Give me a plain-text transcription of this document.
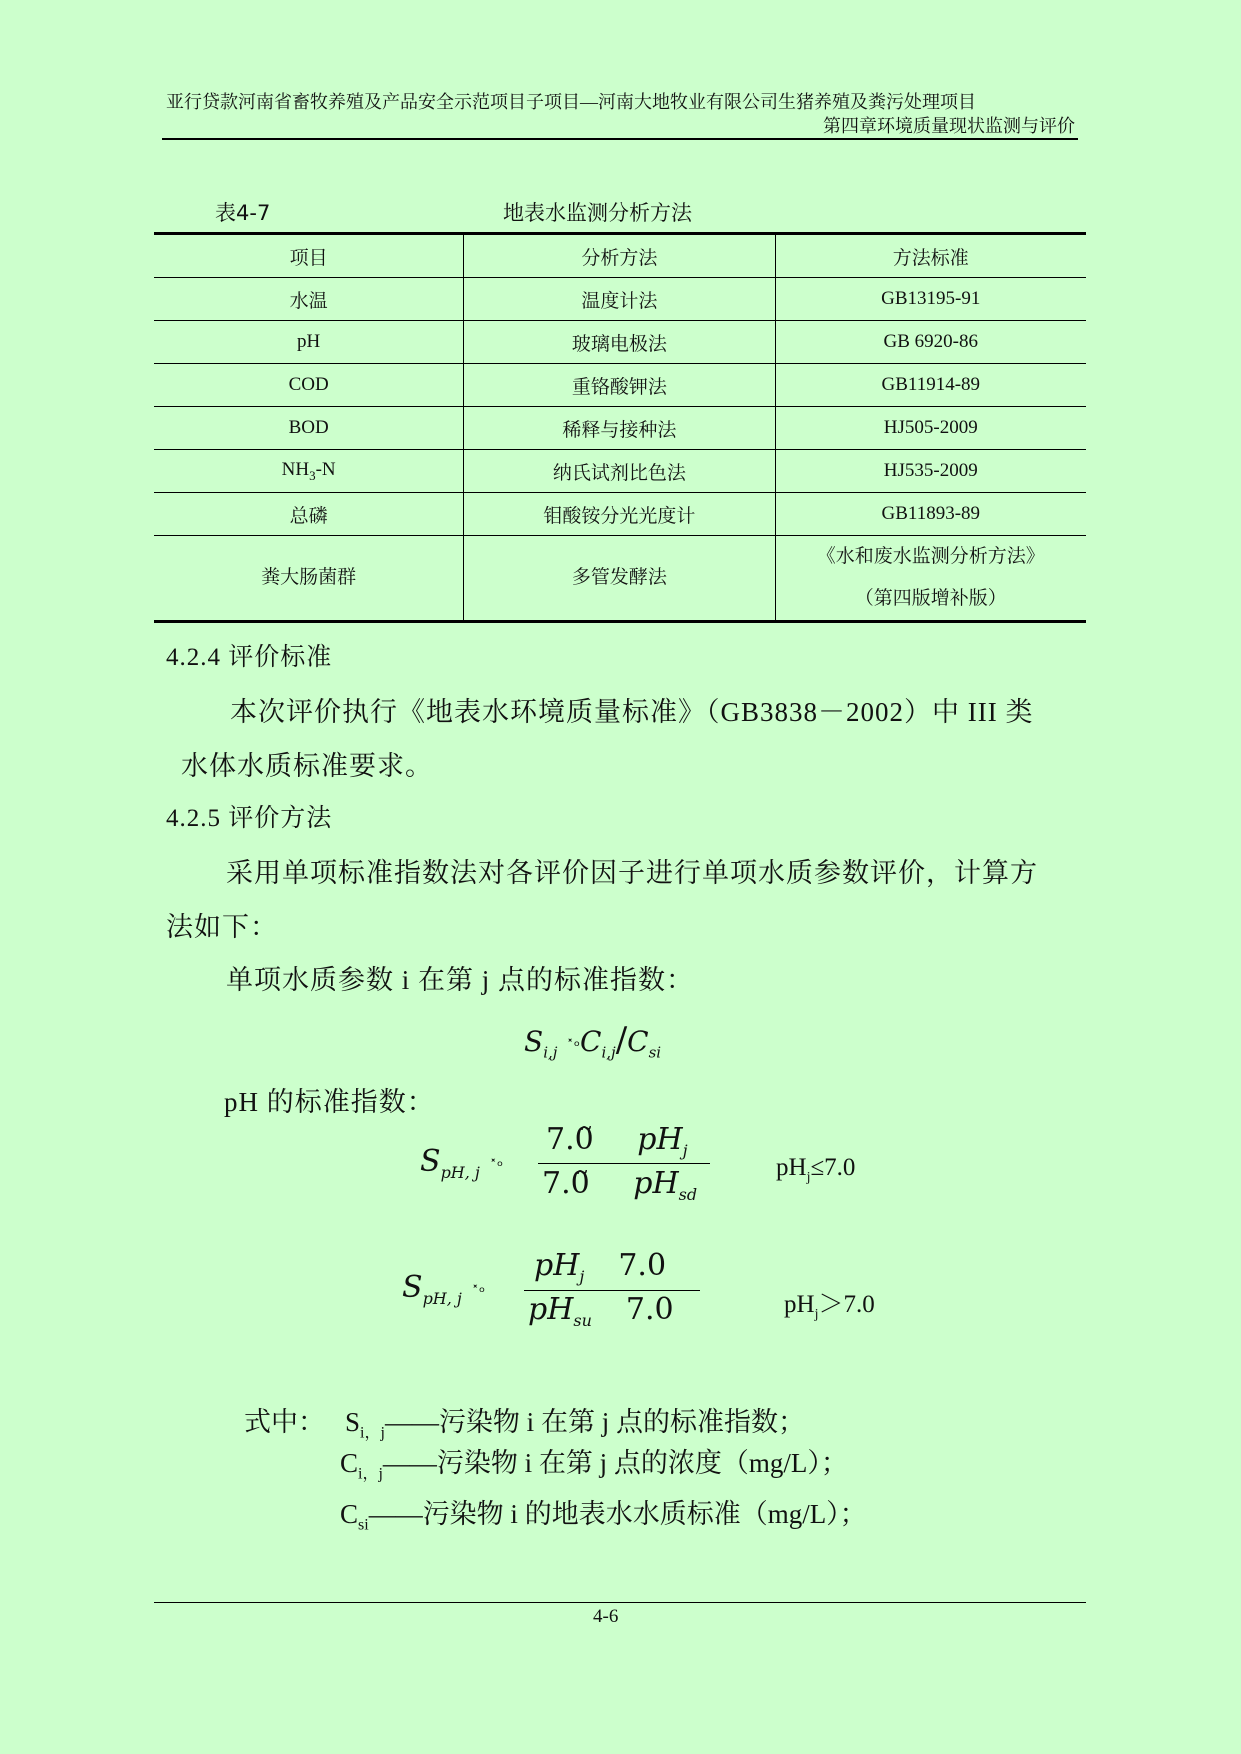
亚行贷款河南省畜牧养殖及产品安全示范项目子项目—河南大地牧业有限公司生猪养殖及粪污处理项目
第四章环境质量现状监测与评价
表4-7	地表水监测分析方法
项目	分析方法	方法标准
水温	温度计法	GB13195-91
pH	玻璃电极法	GB 6920-86
COD	重铬酸钾法	GB11914-89
BOD	稀释与接种法	HJ505-2009
$NH_3-N$	纳氏试剂比色法	HJ535-2009
总磷	钼酸铵分光光度计	GB11893-89
粪大肠菌群	多管发酵法	《水和废水监测分析方法》
（第四版增补版）
4.2.4 评价标准
本次评价执行《地表水环境质量标准》（GB3838－2002）中 III 类
水体水质标准要求。
4.2.5 评价方法
采用单项标准指数法对各评价因子进行单项水质参数评价，计算方
法如下：
单项水质参数 i 在第 j 点的标准指数：
$S_{i,j}$ $˟ᵒC_{i,j}/C_{si}$
pH 的标准指数：
$S_{pH, j}$ ˟ᵒ
7.0 $pH_j$
7.0 $pH_{sd}$
$pH_j\le 7.0$
$S_{pH, j}$ ˟ᵒ
$pH_j$ 7.0
$pH_{su}$ 7.0	$pH_j>7.0$
式中： $S_{i,j}——$污染物 i 在第 j 点的标准指数；
$C_{i,j}——$污染物 i 在第 j 点的浓度（mg/L）；
$C_{si}——$污染物 i 的地表水水质标准（mg/L）；
4-6
